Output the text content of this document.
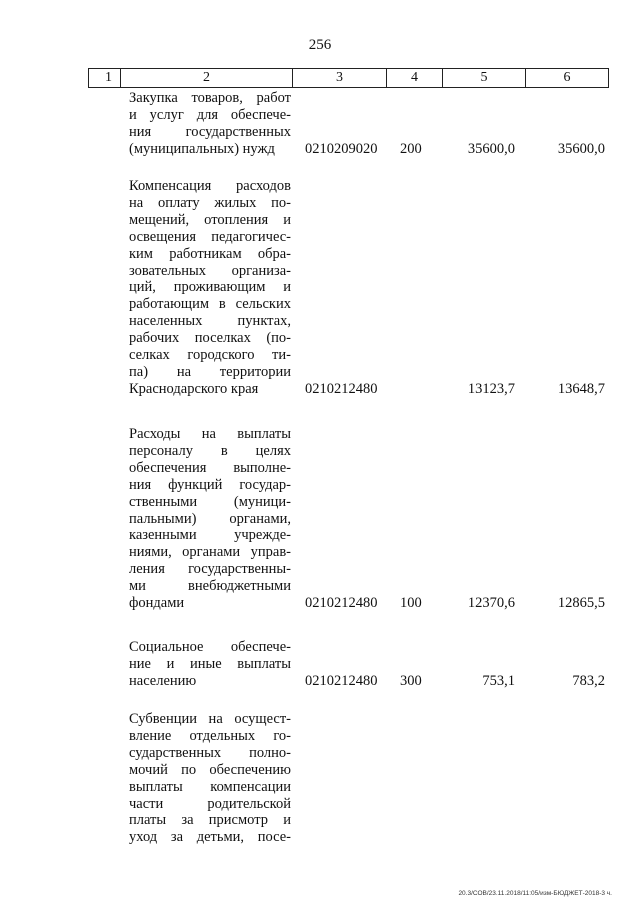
256
1	2	3	4	5	6
Закупка товаров, работ
и услуг для обеспече-
ния государственных
(муниципальных) нужд	0210209020 200	35600,0	35600,0
Компенсация расходов
на оплату жилых по-
мещений, отопления и
освещения педагогичес-
ким работникам обра-
зовательных организа-
ций, проживающим и
работающим в сельских
населенных пунктах,
рабочих поселках (по-
селках городского ти-
па) на территории
Краснодарского края	0210212480	13123,7	13648,7
Расходы на выплаты
персоналу в целях
обеспечения выполне-
ния функций государ-
ственными (муници-
пальными) органами,
казенными учрежде-
ниями, органами управ-
ления государственны-
ми внебюджетными
фондами	0210212480 100	12370,6	12865,5
Социальное обеспече-
ние и иные выплаты
населению	0210212480 300	753,1	783,2
Субвенции на осущест-
вление отдельных го-
сударственных полно-
мочий по обеспечению
выплаты компенсации
части родительской
платы за присмотр и
уход за детьми, посе-
20.3/СОВ/23.11.2018/11:05/изм-БЮДЖЕТ-2018-3 ч.
